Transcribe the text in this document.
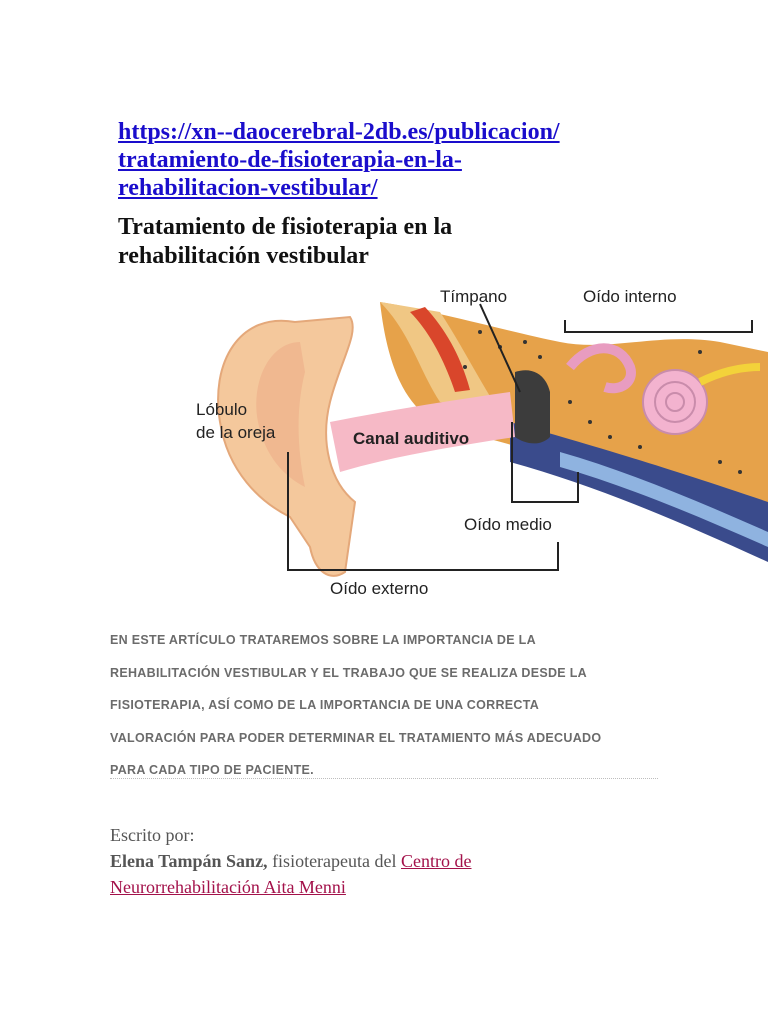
https://xn--daocerebral-2db.es/publicacion/
tratamiento-de-fisioterapia-en-la-
rehabilitacion-vestibular/
Tratamiento de fisioterapia en la
rehabilitación vestibular
Tímpano	Oído interno
Lóbulo
de la oreja	Canal auditivo
Oído medio
Oído externo
EN ESTE ARTÍCULO TRATAREMOS SOBRE LA IMPORTANCIA DE LA
REHABILITACIÓN VESTIBULAR Y EL TRABAJO QUE SE REALIZA DESDE LA
FISIOTERAPIA, ASÍ COMO DE LA IMPORTANCIA DE UNA CORRECTA
VALORACIÓN PARA PODER DETERMINAR EL TRATAMIENTO MÁS ADECUADO
PARA CADA TIPO DE PACIENTE.
Escrito por:
Elena Tampán Sanz, fisioterapeuta del Centro de
Neurorrehabilitación Aita Menni
